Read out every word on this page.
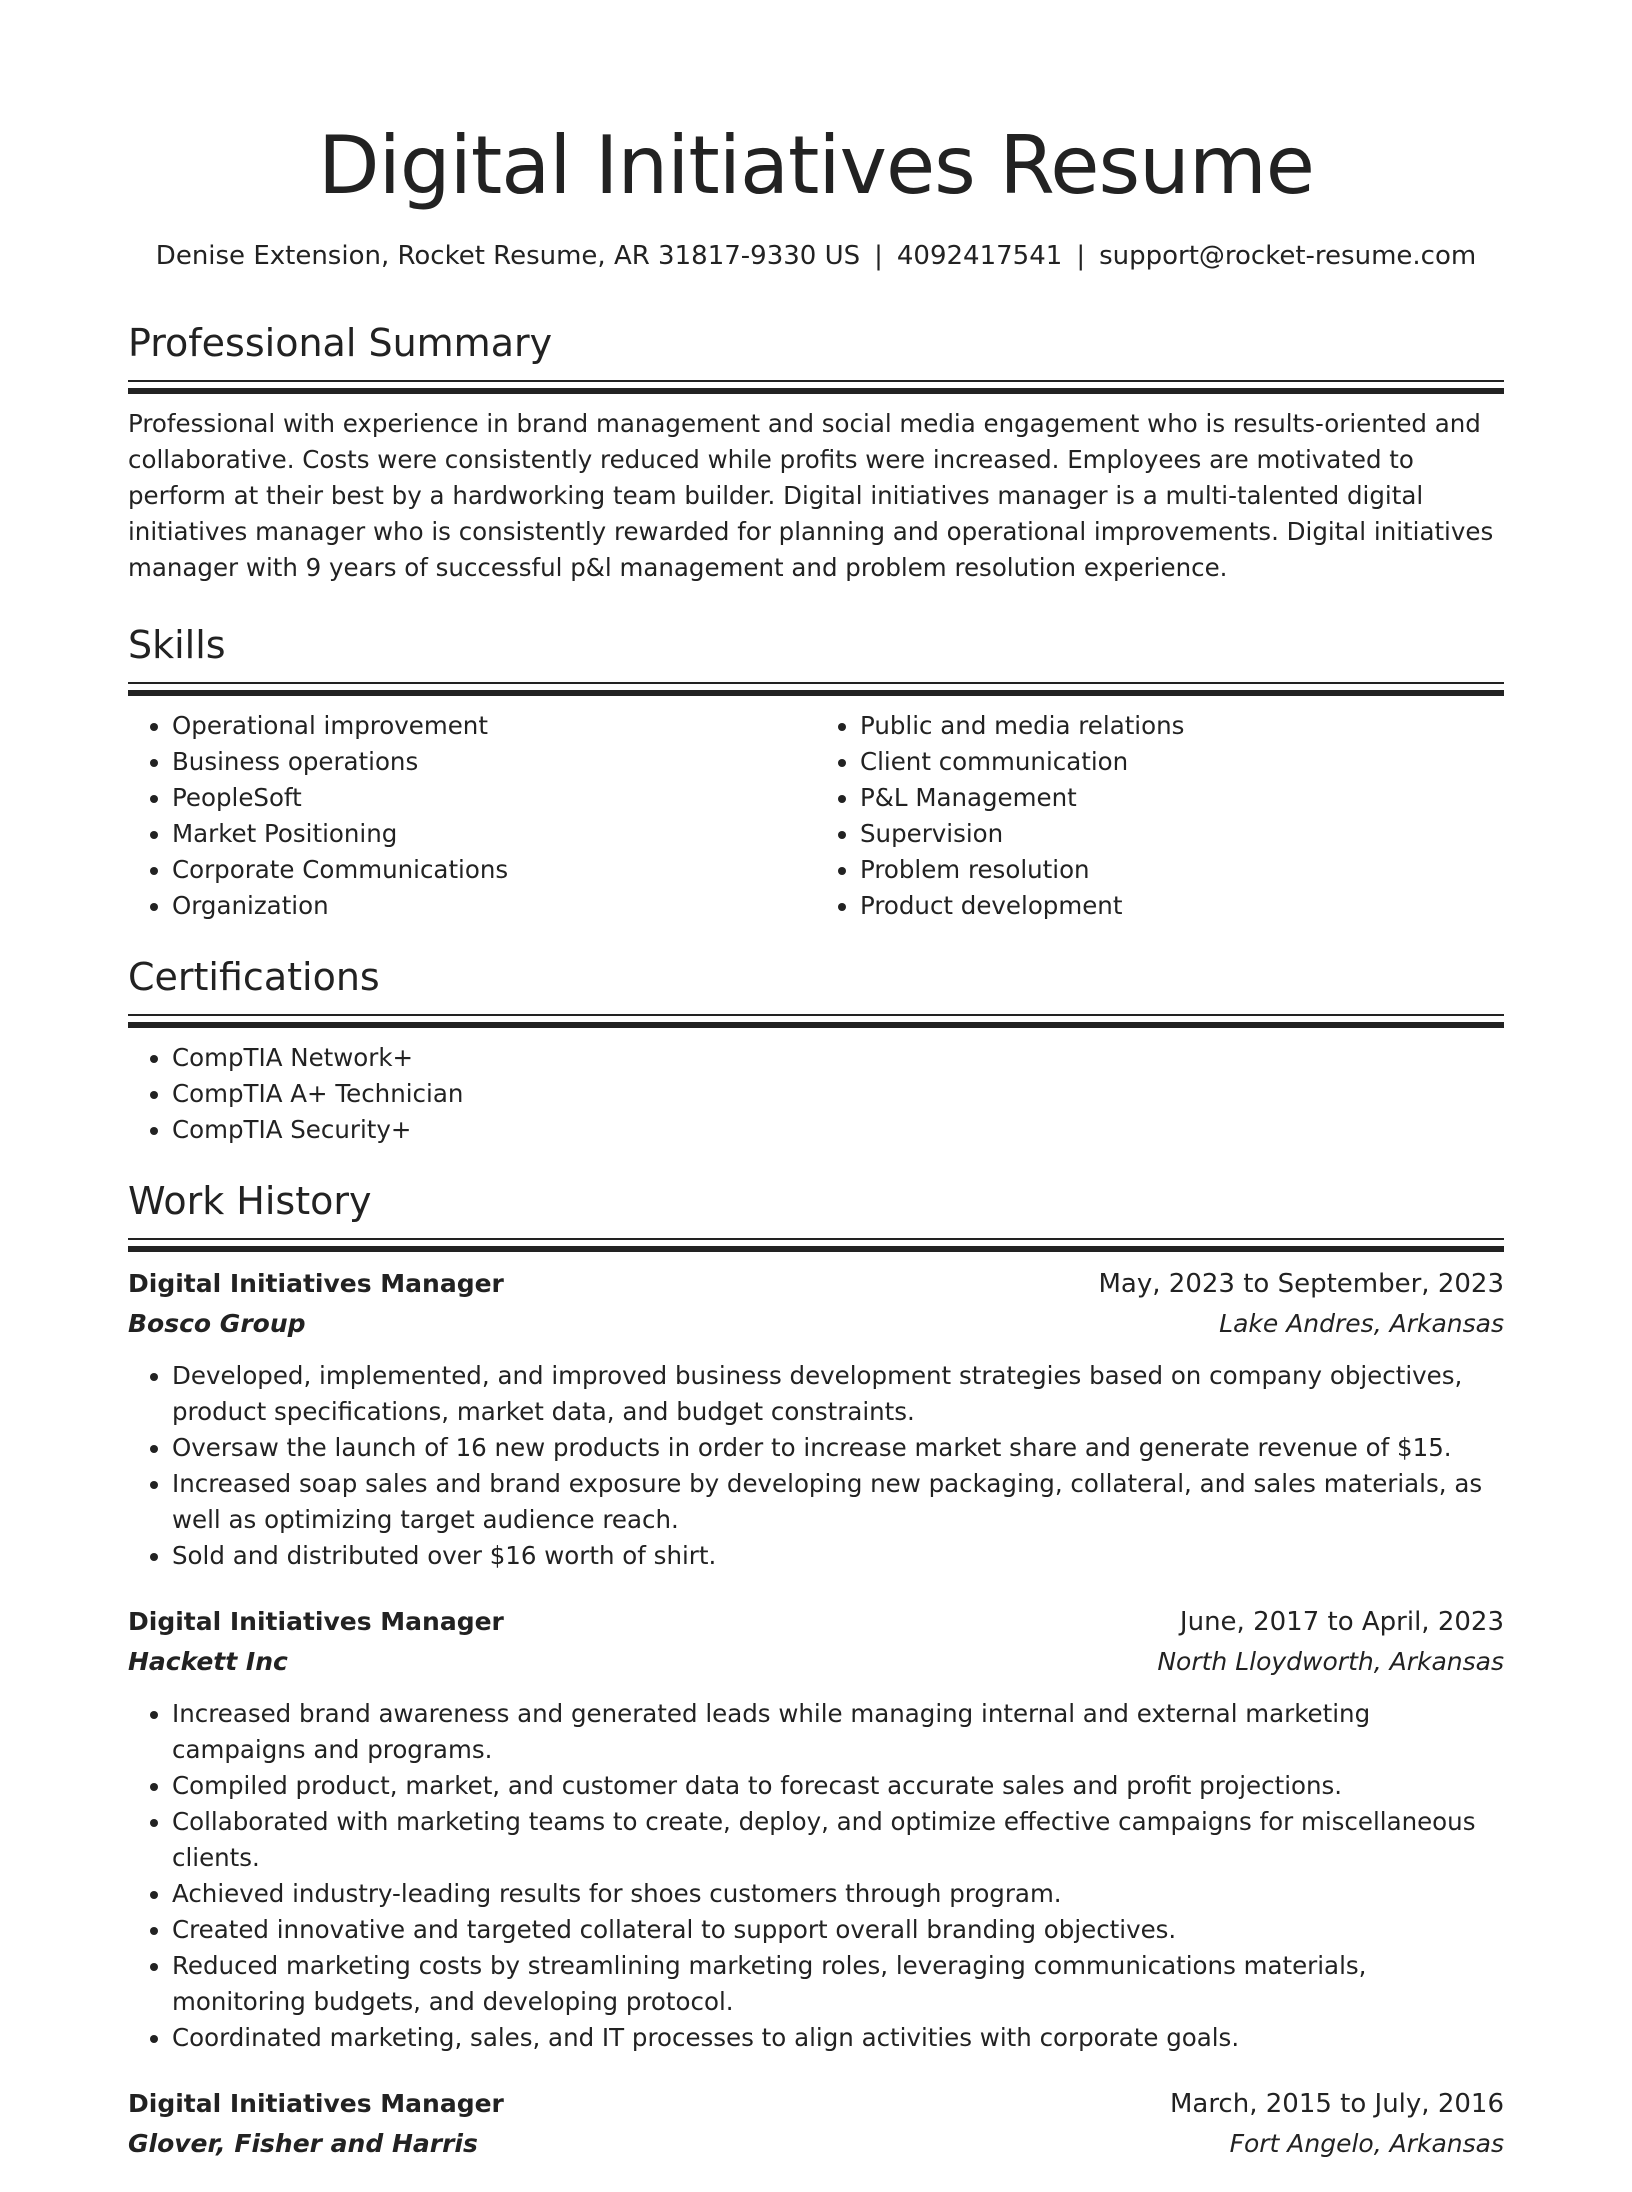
Digital Initiatives Resume
Denise Extension, Rocket Resume, AR 31817-9330 US | 4092417541 | support@rocket-resume.com
Professional Summary

Professional with experience in brand management and social media engagement who is results-oriented and collaborative. Costs were consistently reduced while profits were increased. Employees are motivated to perform at their best by a hardworking team builder. Digital initiatives manager is a multi-talented digital initiatives manager who is consistently rewarded for planning and operational improvements. Digital initiatives manager with 9 years of successful p&l management and problem resolution experience.

Skills
• Operational improvement
• Business operations
• PeopleSoft
• Market Positioning
• Corporate Communications
• Organization
• Public and media relations
• Client communication
• P&L Management
• Supervision
• Problem resolution
• Product development
Certifications
• CompTIA Network+
• CompTIA A+ Technician
• CompTIA Security+
Work History
Digital Initiatives Manager	May, 2023 to September, 2023
Bosco Group	Lake Andres, Arkansas
• Developed, implemented, and improved business development strategies based on company objectives, product specifications, market data, and budget constraints.
• Oversaw the launch of 16 new products in order to increase market share and generate revenue of $15.
• Increased soap sales and brand exposure by developing new packaging, collateral, and sales materials, as well as optimizing target audience reach.
• Sold and distributed over $16 worth of shirt.
Digital Initiatives Manager	June, 2017 to April, 2023
Hackett Inc	North Lloydworth, Arkansas
• Increased brand awareness and generated leads while managing internal and external marketing campaigns and programs.
• Compiled product, market, and customer data to forecast accurate sales and profit projections.
• Collaborated with marketing teams to create, deploy, and optimize effective campaigns for miscellaneous clients.
• Achieved industry-leading results for shoes customers through program.
• Created innovative and targeted collateral to support overall branding objectives.
• Reduced marketing costs by streamlining marketing roles, leveraging communications materials, monitoring budgets, and developing protocol.
• Coordinated marketing, sales, and IT processes to align activities with corporate goals.
Digital Initiatives Manager	March, 2015 to July, 2016
Glover, Fisher and Harris	Fort Angelo, Arkansas
